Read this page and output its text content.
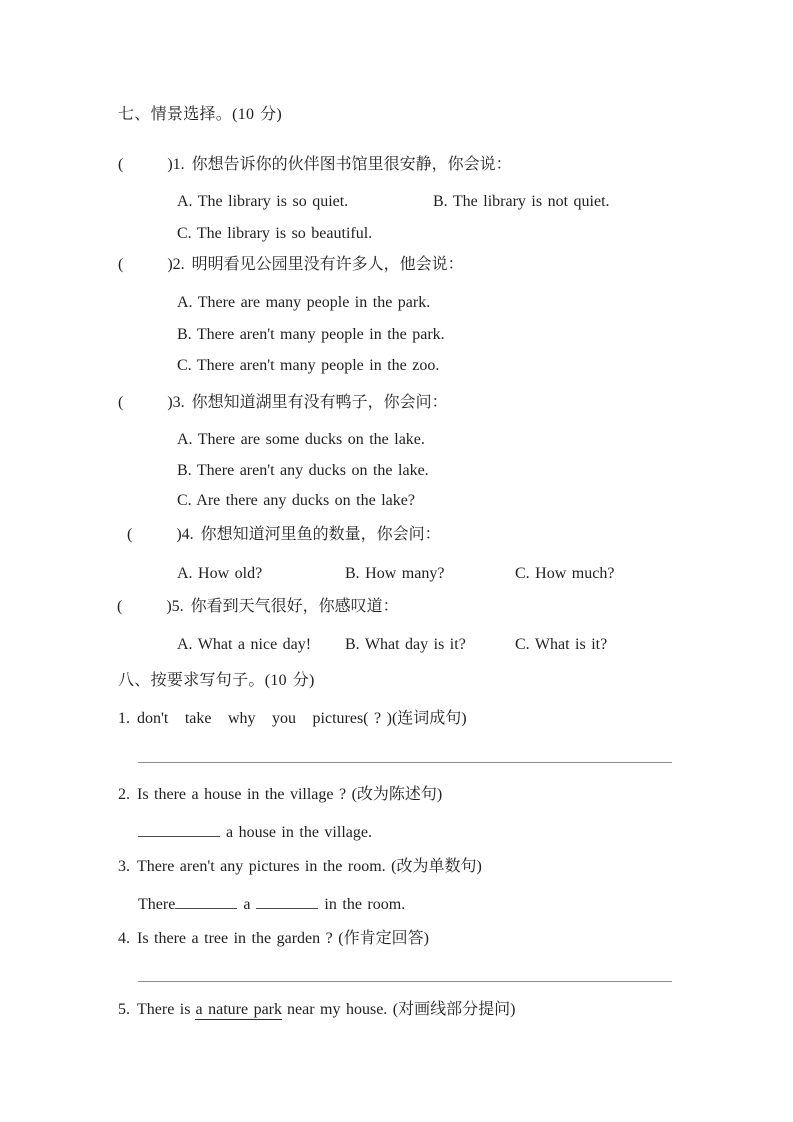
七、情景选择。(10 分)
(        )1. 你想告诉你的伙伴图书馆里很安静，你会说：
A. The library is so quiet.	B. The library is not quiet.
C. The library is so beautiful.
(        )2. 明明看见公园里没有许多人，他会说：
A. There are many people in the park.
B. There aren't many people in the park.
C. There aren't many people in the zoo.
(        )3. 你想知道湖里有没有鸭子，你会问：
A. There are some ducks on the lake.
B. There aren't any ducks on the lake.
C. Are there any ducks on the lake?
(        )4. 你想知道河里鱼的数量，你会问：
A. How old?	B. How many?	C. How much?
(        )5. 你看到天气很好，你感叹道：
A. What a nice day! B. What day is it?	C. What is it?
八、按要求写句子。(10 分)
1. don't   take   why   you   pictures( ? )(连词成句)
2. Is there a house in the village ? (改为陈述句)
a house in the village.
3. There aren't any pictures in the room. (改为单数句)
There	a	in the room.
4. Is there a tree in the garden ? (作肯定回答)
5. There is a nature park near my house. (对画线部分提问)
